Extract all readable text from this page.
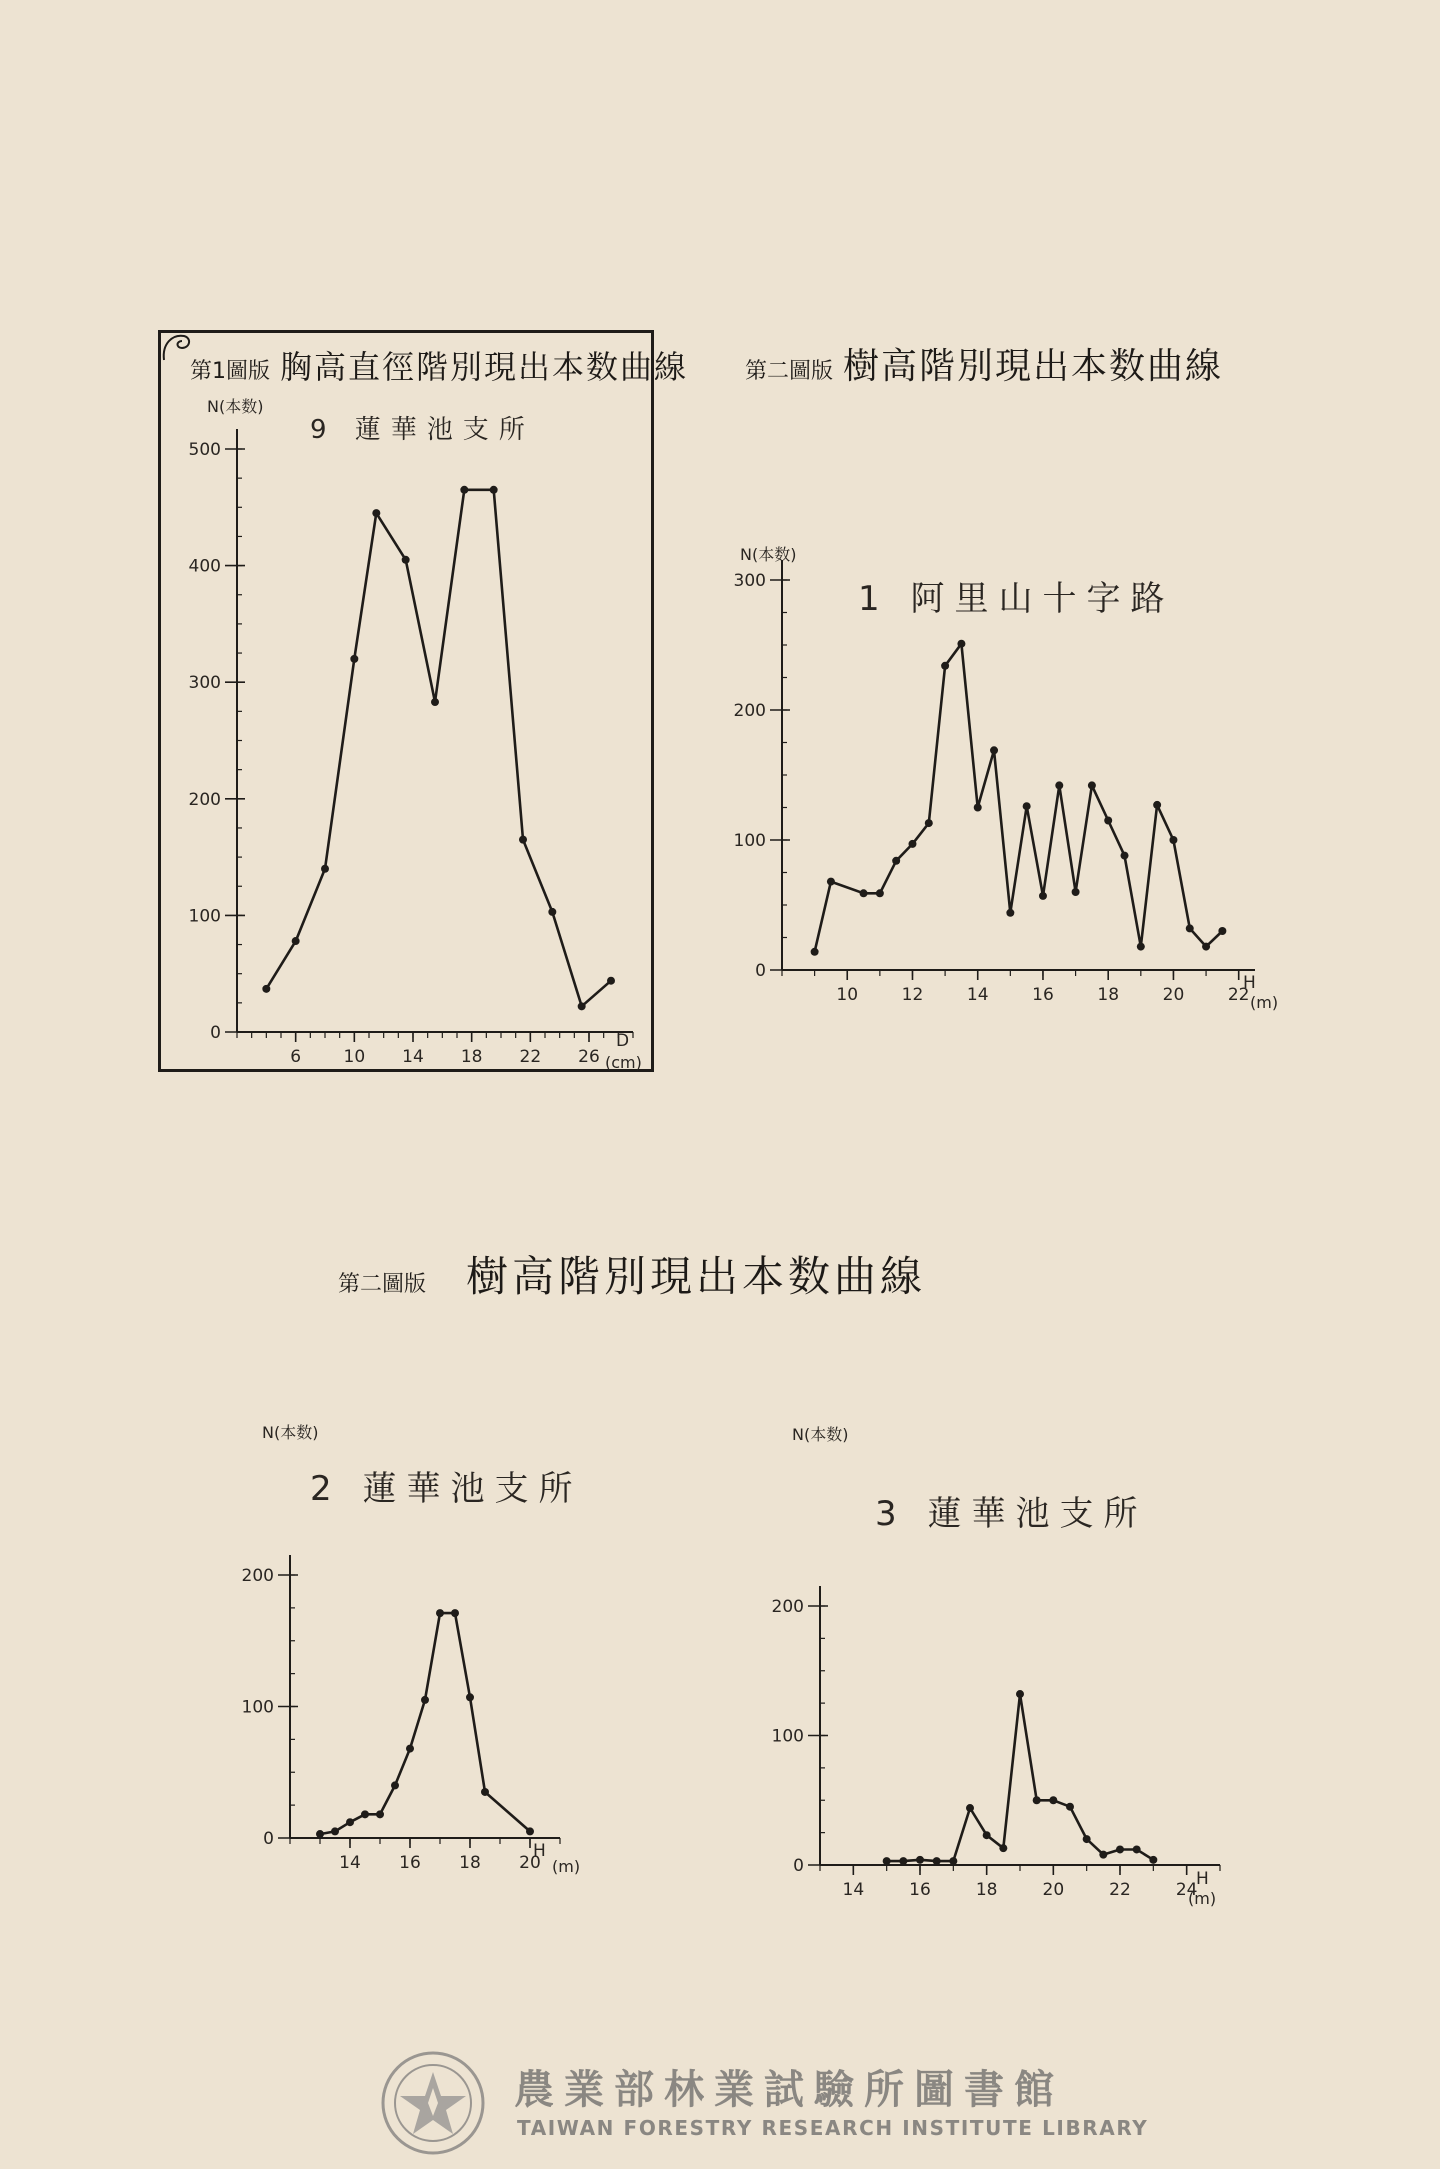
第1圖版 胸高直徑階別現出本数曲線	第二圖版 樹高階別現出本数曲線
第二圖版 樹高階別現出本数曲線
0
100
200
300
400
500
6 10 14 18 22 26
9 蓮華池支所
N(本数)
D
(cm)
0
100
200
300
10	12	14	16	18	20	22
1 阿里山十字路
N(本数)
H
(m)
0
100
200
14 16 18 20
2 蓮華池支所
N(本数)
H
(m)	0
100
200
14	16	18	20	22	24
3 蓮華池支所
N(本数)
H
(m)
農業部林業試驗所圖書館
TAIWAN FORESTRY RESEARCH INSTITUTE LIBRARY
